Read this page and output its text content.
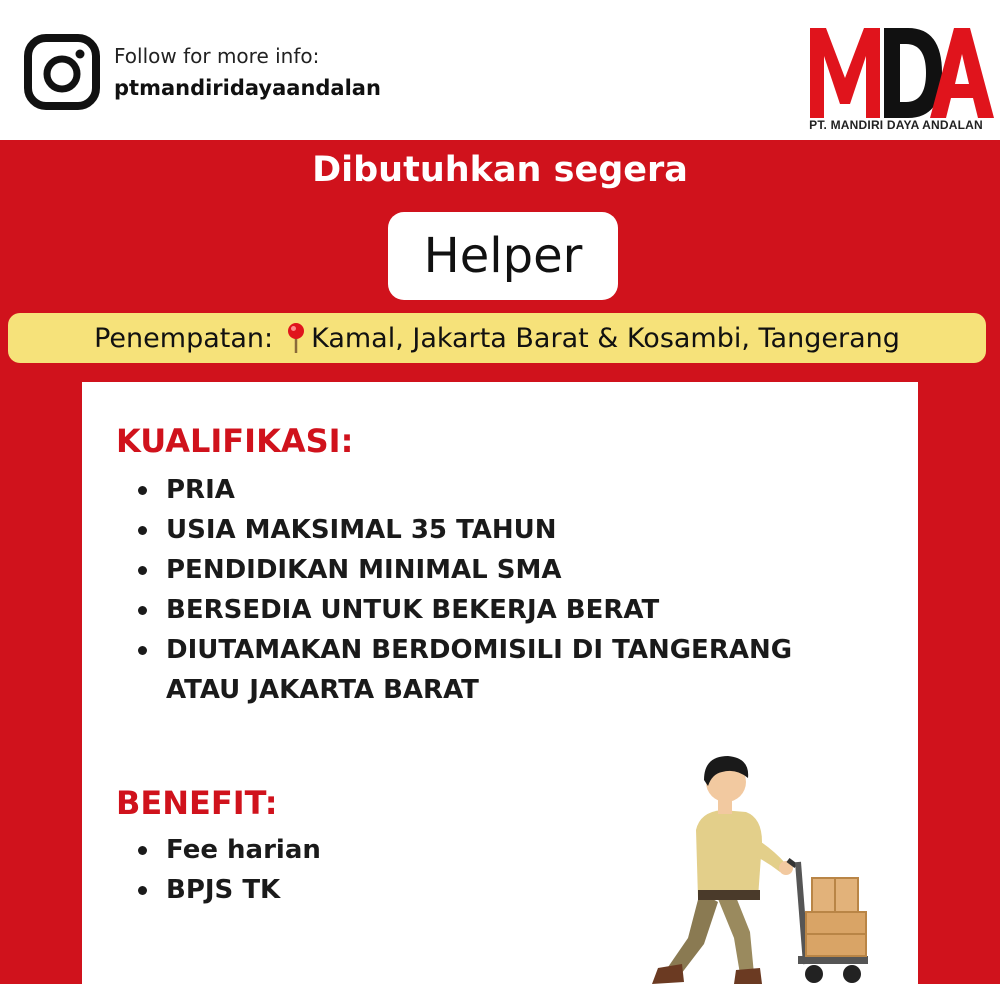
Follow for more info:
ptmandiridayaandalan
PT. MANDIRI DAYA ANDALAN
Dibutuhkan segera
Helper
Penempatan: Kamal, Jakarta Barat & Kosambi, Tangerang
KUALIFIKASI:
PRIA
USIA MAKSIMAL 35 TAHUN
PENDIDIKAN MINIMAL SMA
BERSEDIA UNTUK BEKERJA BERAT
DIUTAMAKAN BERDOMISILI DI TANGERANG ATAU JAKARTA BARAT
BENEFIT:
Fee harian
BPJS TK
